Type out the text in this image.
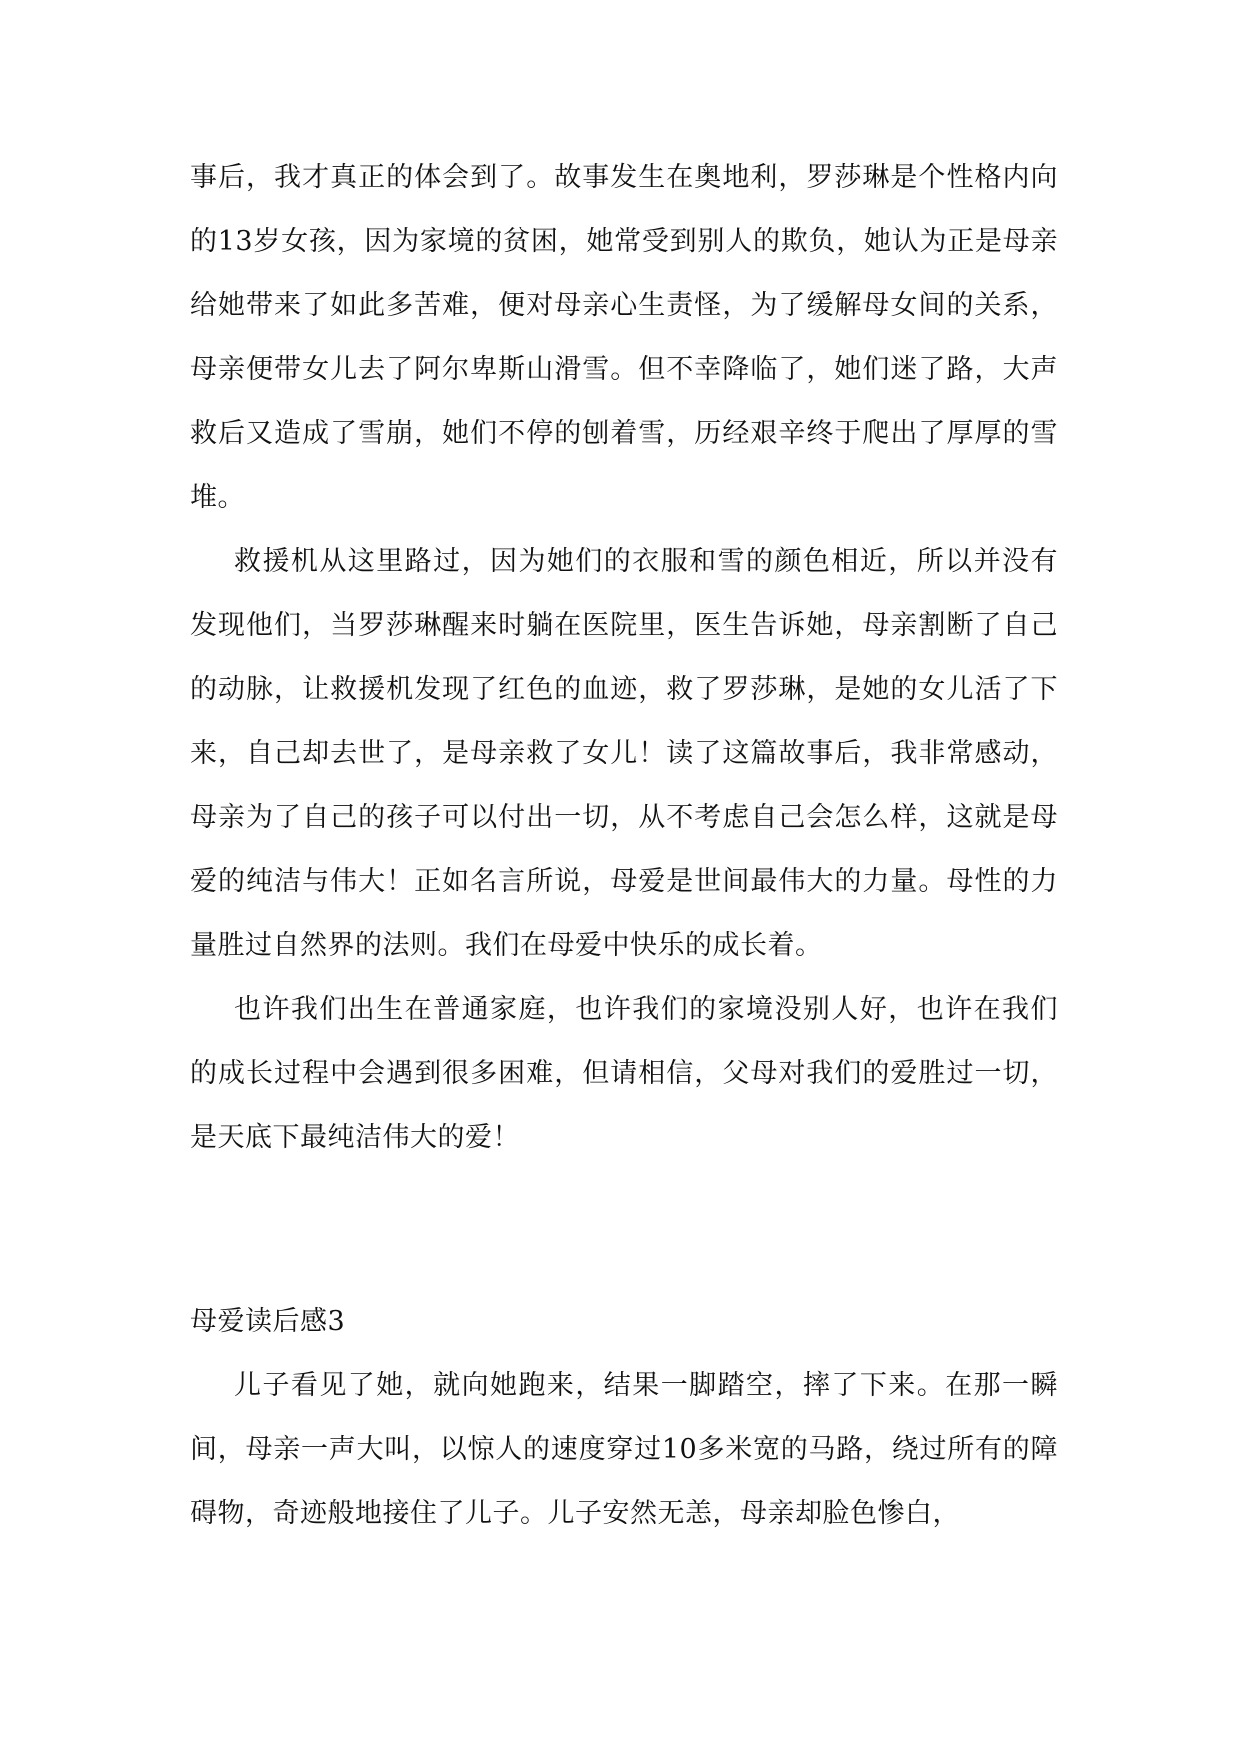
事后，我才真正的体会到了。故事发生在奥地利，罗莎琳是个性格内向的13岁女孩，因为家境的贫困，她常受到别人的欺负，她认为正是母亲给她带来了如此多苦难，便对母亲心生责怪，为了缓解母女间的关系，母亲便带女儿去了阿尔卑斯山滑雪。但不幸降临了，她们迷了路，大声救后又造成了雪崩，她们不停的刨着雪，历经艰辛终于爬出了厚厚的雪堆。

救援机从这里路过，因为她们的衣服和雪的颜色相近，所以并没有发现他们，当罗莎琳醒来时躺在医院里，医生告诉她，母亲割断了自己的动脉，让救援机发现了红色的血迹，救了罗莎琳，是她的女儿活了下来，自己却去世了，是母亲救了女儿！读了这篇故事后，我非常感动，母亲为了自己的孩子可以付出一切，从不考虑自己会怎么样，这就是母爱的纯洁与伟大！正如名言所说，母爱是世间最伟大的力量。母性的力量胜过自然界的法则。我们在母爱中快乐的成长着。

也许我们出生在普通家庭，也许我们的家境没别人好，也许在我们的成长过程中会遇到很多困难，但请相信，父母对我们的爱胜过一切，是天底下最纯洁伟大的爱！

母爱读后感3

儿子看见了她，就向她跑来，结果一脚踏空，摔了下来。在那一瞬间，母亲一声大叫，以惊人的速度穿过10多米宽的马路，绕过所有的障碍物，奇迹般地接住了儿子。儿子安然无恙，母亲却脸色惨白，
